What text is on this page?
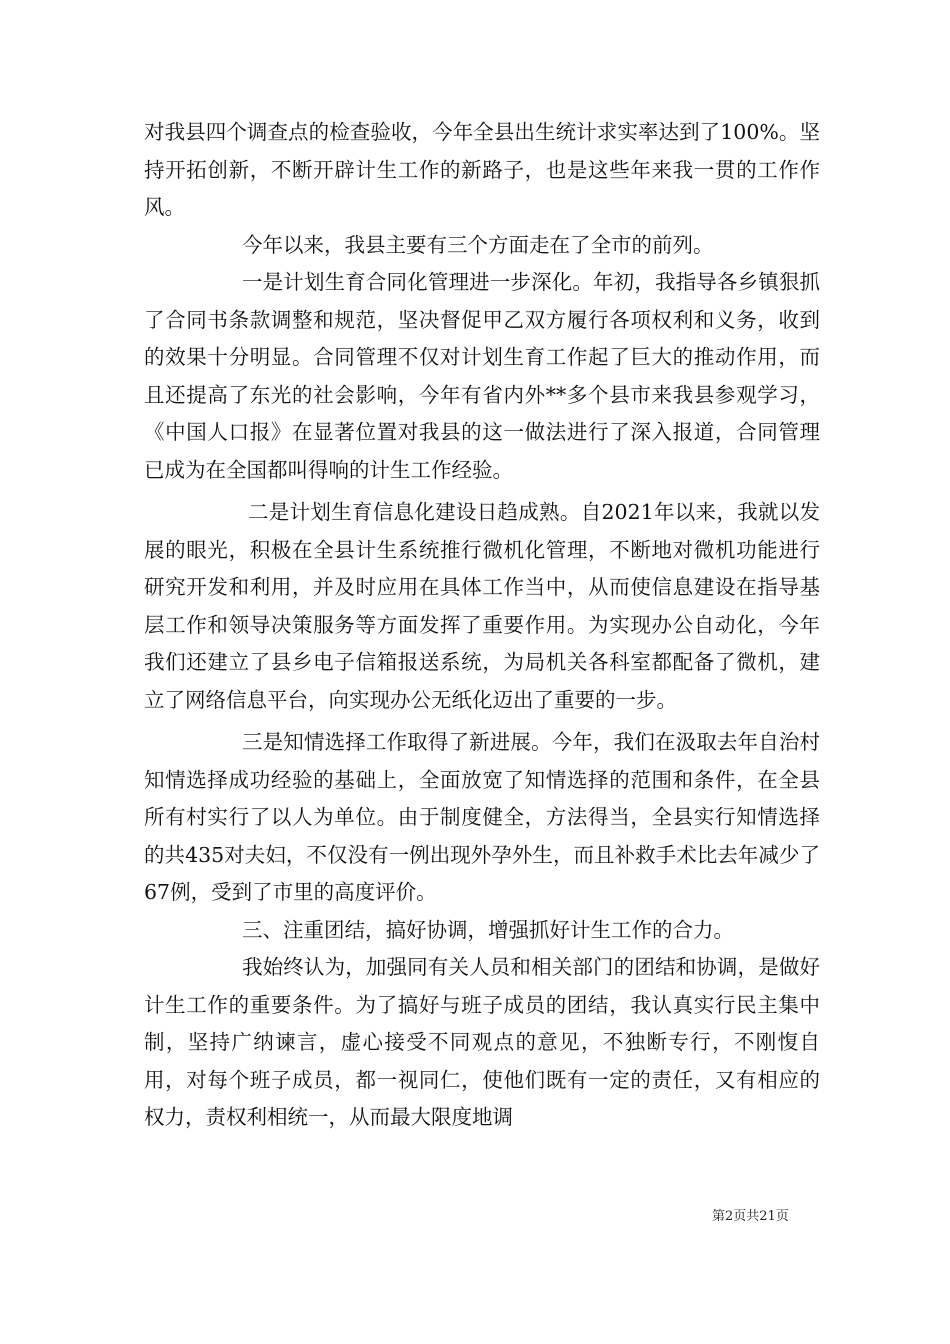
对我县四个调查点的检查验收，今年全县出生统计求实率达到了100%。坚持开拓创新，不断开辟计生工作的新路子，也是这些年来我一贯的工作作风。

今年以来，我县主要有三个方面走在了全市的前列。

一是计划生育合同化管理进一步深化。年初，我指导各乡镇狠抓了合同书条款调整和规范，坚决督促甲乙双方履行各项权利和义务，收到的效果十分明显。合同管理不仅对计划生育工作起了巨大的推动作用，而且还提高了东光的社会影响，今年有省内外**多个县市来我县参观学习，《中国人口报》在显著位置对我县的这一做法进行了深入报道，合同管理已成为在全国都叫得响的计生工作经验。

二是计划生育信息化建设日趋成熟。自2021年以来，我就以发展的眼光，积极在全县计生系统推行微机化管理，不断地对微机功能进行研究开发和利用，并及时应用在具体工作当中，从而使信息建设在指导基层工作和领导决策服务等方面发挥了重要作用。为实现办公自动化，今年我们还建立了县乡电子信箱报送系统，为局机关各科室都配备了微机，建立了网络信息平台，向实现办公无纸化迈出了重要的一步。

三是知情选择工作取得了新进展。今年，我们在汲取去年自治村知情选择成功经验的基础上，全面放宽了知情选择的范围和条件，在全县所有村实行了以人为单位。由于制度健全，方法得当，全县实行知情选择的共435对夫妇，不仅没有一例出现外孕外生，而且补救手术比去年减少了67例，受到了市里的高度评价。

三、注重团结，搞好协调，增强抓好计生工作的合力。

我始终认为，加强同有关人员和相关部门的团结和协调，是做好计生工作的重要条件。为了搞好与班子成员的团结，我认真实行民主集中制，坚持广纳谏言，虚心接受不同观点的意见，不独断专行，不刚愎自用，对每个班子成员，都一视同仁，使他们既有一定的责任，又有相应的权力，责权利相统一，从而最大限度地调

第2页共21页
